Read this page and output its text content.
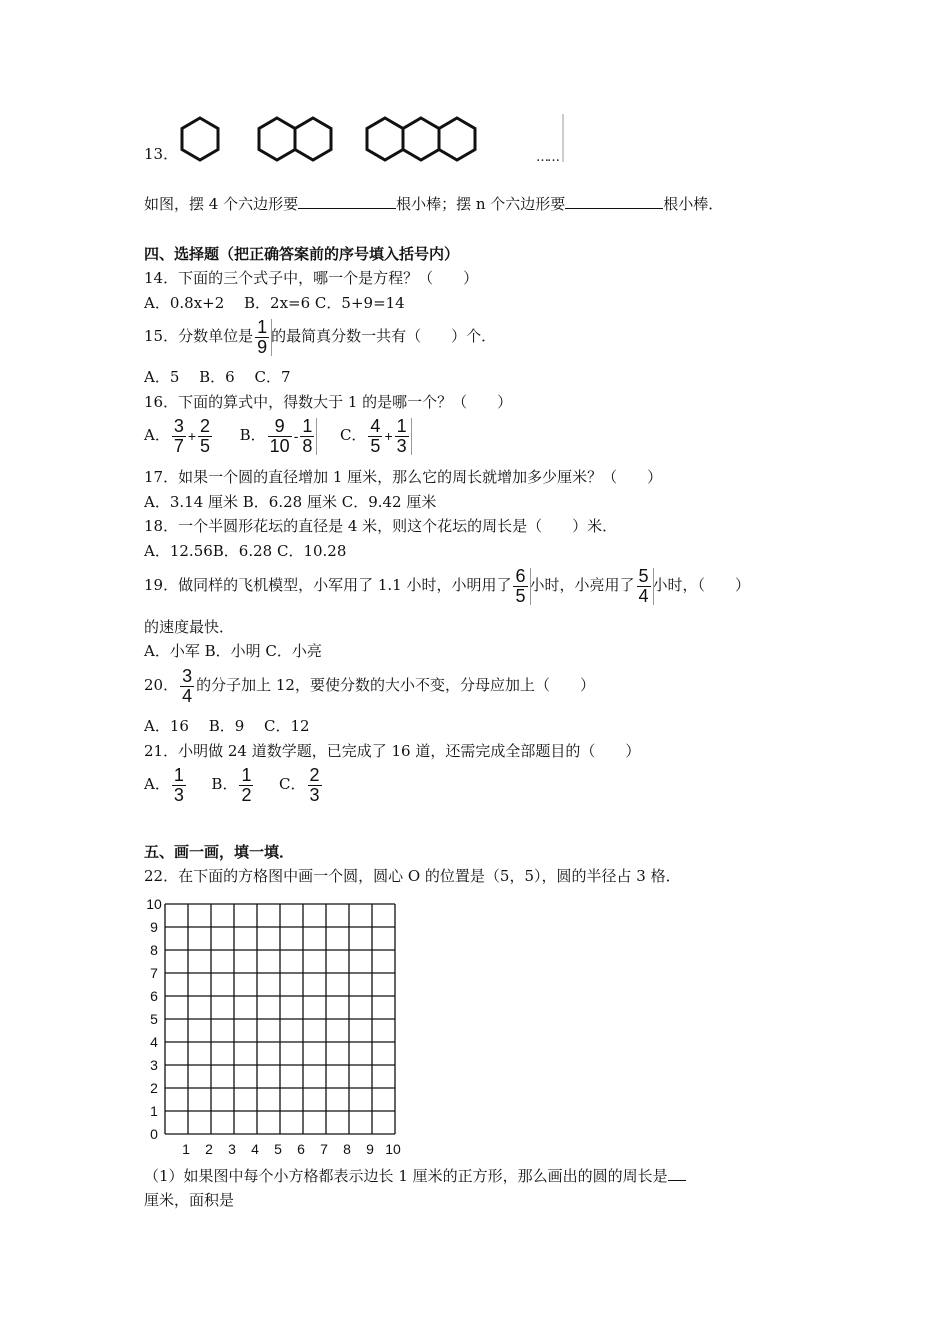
13．	……
如图，摆 4 个六边形要	根小棒；摆 n 个六边形要	根小棒．
四、选择题（把正确答案前的序号填入括号内）
14．下面的三个式子中，哪一个是方程？（　　）
A．0.8x+2　 B．2x=6 C．5+9=14
15．分数单位是 $\frac{1}{9}$ 的最简真分数一共有（　　）个．
A．5　 B．6　 C．7
16．下面的算式中，得数大于 1 的是哪一个？（　　）
A． $\frac{3}{7} + \frac{2}{5}$ B． $\frac{9}{10} - \frac{1}{8}$ C． $\frac{4}{5} + \frac{1}{3}$
17．如果一个圆的直径增加 1 厘米，那么它的周长就增加多少厘米？（　　）
A．3.14 厘米 B．6.28 厘米 C．9.42 厘米
18．一个半圆形花坛的直径是 4 米，则这个花坛的周长是（　　）米．
A．12.56B．6.28 C．10.28
19．做同样的飞机模型，小军用了 1.1 小时，小明用了 $\frac{6}{5}$ 小时，小亮用了 $\frac{5}{4}$ 小时，（　　）
的速度最快．
A．小军 B．小明 C．小亮
20． $\frac{3}{4}$ 的分子加上 12，要使分数的大小不变，分母应加上（　　）
A．16　 B．9　 C．12
21．小明做 24 道数学题，已完成了 16 道，还需完成全部题目的（　　）
A． $\frac{1}{3}$ B． $\frac{1}{2}$ C． $\frac{2}{3}$
五、画一画，填一填．
22．在下面的方格图中画一个圆，圆心 O 的位置是（5，5），圆的半径占 3 格．
10
9
8
7
6
5
4
3
2
1
0
1 2 3 4 5 6 7 8 9 10
（1）如果图中每个小方格都表示边长 1 厘米的正方形，那么画出的圆的周长是
厘米，面积是
